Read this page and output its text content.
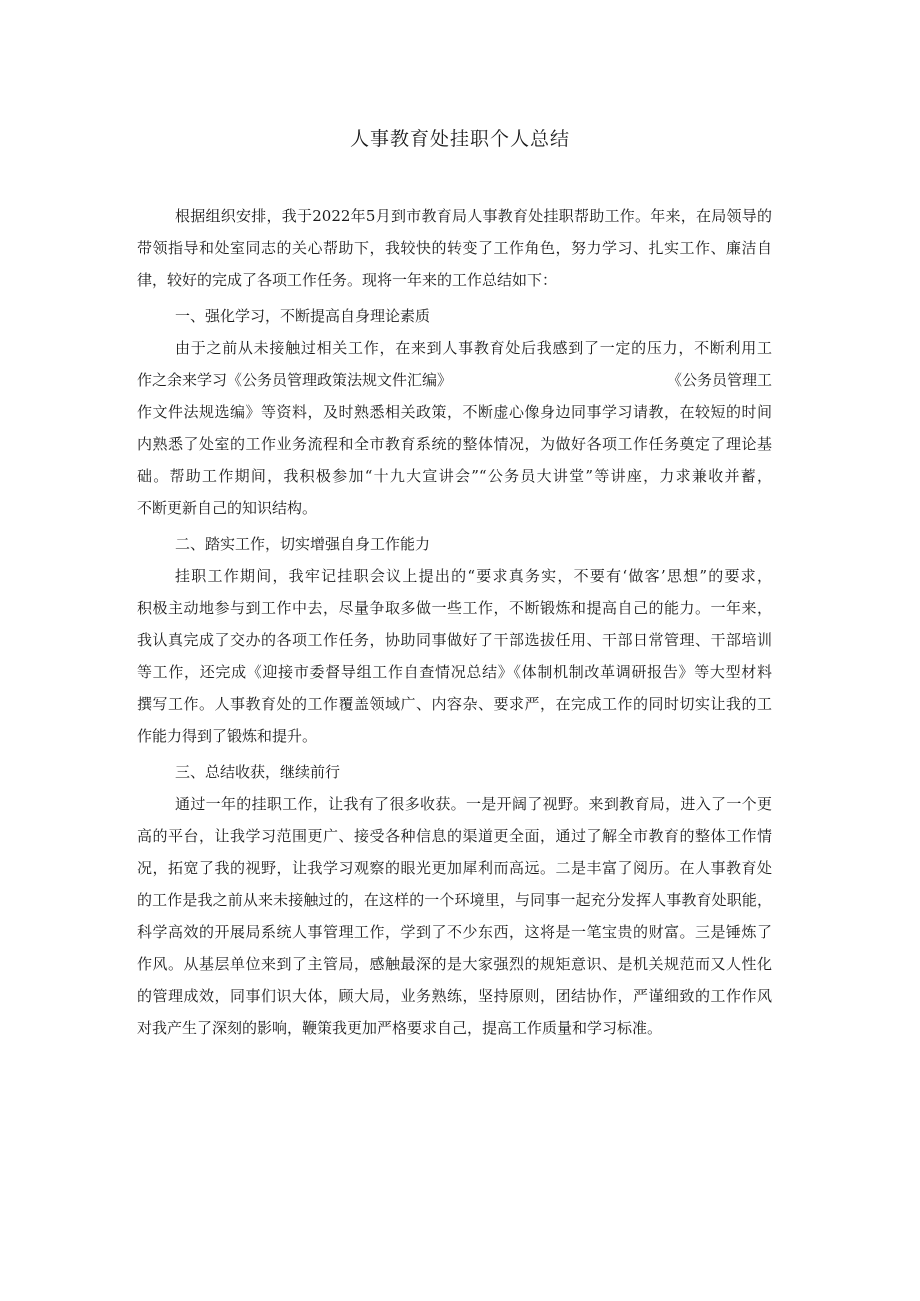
人事教育处挂职个人总结
根据组织安排，我于2022年5月到市教育局人事教育处挂职帮助工作。年来，在局领导的
带领指导和处室同志的关心帮助下，我较快的转变了工作角色，努力学习、扎实工作、廉洁自
律，较好的完成了各项工作任务。现将一年来的工作总结如下：
一、强化学习，不断提高自身理论素质
由于之前从未接触过相关工作，在来到人事教育处后我感到了一定的压力，不断利用工
作之余来学习《公务员管理政策法规文件汇编》	《公务员管理工
作文件法规选编》等资料，及时熟悉相关政策，不断虚心像身边同事学习请教，在较短的时间
内熟悉了处室的工作业务流程和全市教育系统的整体情况，为做好各项工作任务奠定了理论基
础。帮助工作期间，我积极参加“十九大宣讲会”“公务员大讲堂”等讲座，力求兼收并蓄，
不断更新自己的知识结构。
二、踏实工作，切实增强自身工作能力
挂职工作期间，我牢记挂职会议上提出的“要求真务实，不要有‘做客’思想”的要求，
积极主动地参与到工作中去，尽量争取多做一些工作，不断锻炼和提高自己的能力。一年来，
我认真完成了交办的各项工作任务，协助同事做好了干部选拔任用、干部日常管理、干部培训
等工作，还完成《迎接市委督导组工作自查情况总结》《体制机制改革调研报告》等大型材料
撰写工作。人事教育处的工作覆盖领域广、内容杂、要求严，在完成工作的同时切实让我的工
作能力得到了锻炼和提升。
三、总结收获，继续前行
通过一年的挂职工作，让我有了很多收获。一是开阔了视野。来到教育局，进入了一个更
高的平台，让我学习范围更广、接受各种信息的渠道更全面，通过了解全市教育的整体工作情
况，拓宽了我的视野，让我学习观察的眼光更加犀利而高远。二是丰富了阅历。在人事教育处
的工作是我之前从来未接触过的，在这样的一个环境里，与同事一起充分发挥人事教育处职能，
科学高效的开展局系统人事管理工作，学到了不少东西，这将是一笔宝贵的财富。三是锤炼了
作风。从基层单位来到了主管局，感触最深的是大家强烈的规矩意识、是机关规范而又人性化
的管理成效，同事们识大体，顾大局，业务熟练，坚持原则，团结协作，严谨细致的工作作风
对我产生了深刻的影响，鞭策我更加严格要求自己，提高工作质量和学习标准。
